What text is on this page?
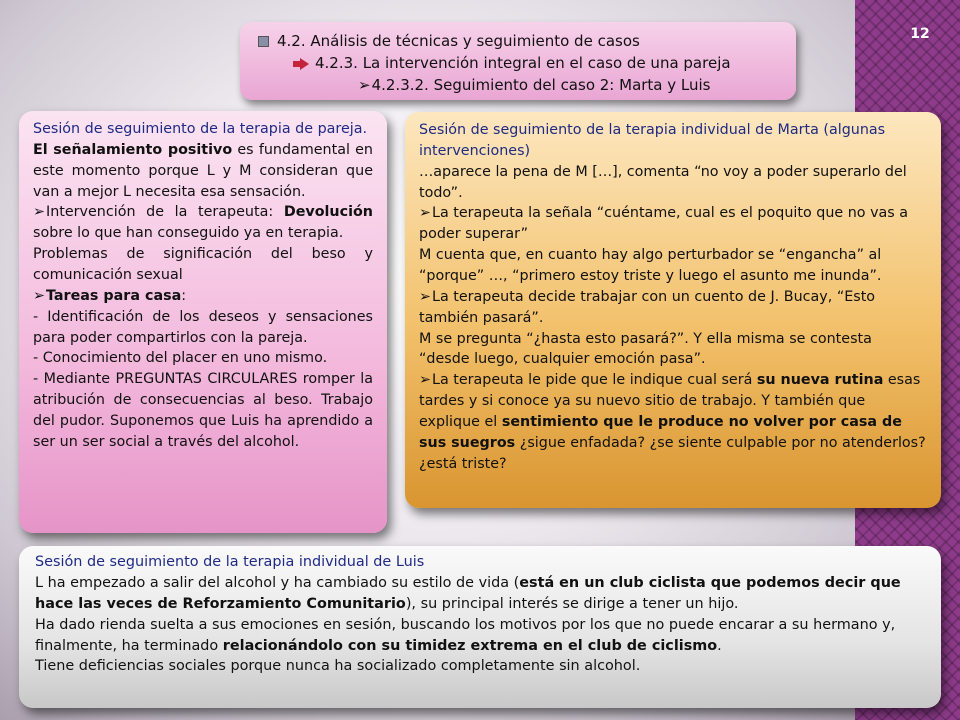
12
4.2. Análisis de técnicas y seguimiento de casos
4.2.3. La intervención integral en el caso de una pareja
➢4.2.3.2. Seguimiento del caso 2: Marta y Luis

Sesión de seguimiento de la terapia de pareja.

El señalamiento positivo es fundamental en este momento porque L y M consideran que van a mejor L necesita esa sensación.

➢Intervención de la terapeuta: Devolución sobre lo que han conseguido ya en terapia.

Problemas de significación del beso y comunicación sexual

➢Tareas para casa:

- Identificación de los deseos y sensaciones para poder compartirlos con la pareja.

- Conocimiento del placer en uno mismo.

- Mediante PREGUNTAS CIRCULARES romper la atribución de consecuencias al beso. Trabajo del pudor. Suponemos que Luis ha aprendido a ser un ser social a través del alcohol.

Sesión de seguimiento de la terapia individual de Marta (algunas intervenciones)

…aparece la pena de M […], comenta “no voy a poder superarlo del todo”.

➢La terapeuta la señala “cuéntame, cual es el poquito que no vas a poder superar”

M cuenta que, en cuanto hay algo perturbador se “engancha” al “porque” …, “primero estoy triste y luego el asunto me inunda”.

➢La terapeuta decide trabajar con un cuento de J. Bucay, “Esto también pasará”.

M se pregunta “¿hasta esto pasará?”. Y ella misma se contesta “desde luego, cualquier emoción pasa”.

➢La terapeuta le pide que le indique cual será su nueva rutina esas tardes y si conoce ya su nuevo sitio de trabajo. Y también que explique el sentimiento que le produce no volver por casa de sus suegros ¿sigue enfadada? ¿se siente culpable por no atenderlos? ¿está triste?

Sesión de seguimiento de la terapia individual de Luis

L ha empezado a salir del alcohol y ha cambiado su estilo de vida (está en un club ciclista que podemos decir que hace las veces de Reforzamiento Comunitario), su principal interés se dirige a tener un hijo.

Ha dado rienda suelta a sus emociones en sesión, buscando los motivos por los que no puede encarar a su hermano y, finalmente, ha terminado relacionándolo con su timidez extrema en el club de ciclismo.

Tiene deficiencias sociales porque nunca ha socializado completamente sin alcohol.
